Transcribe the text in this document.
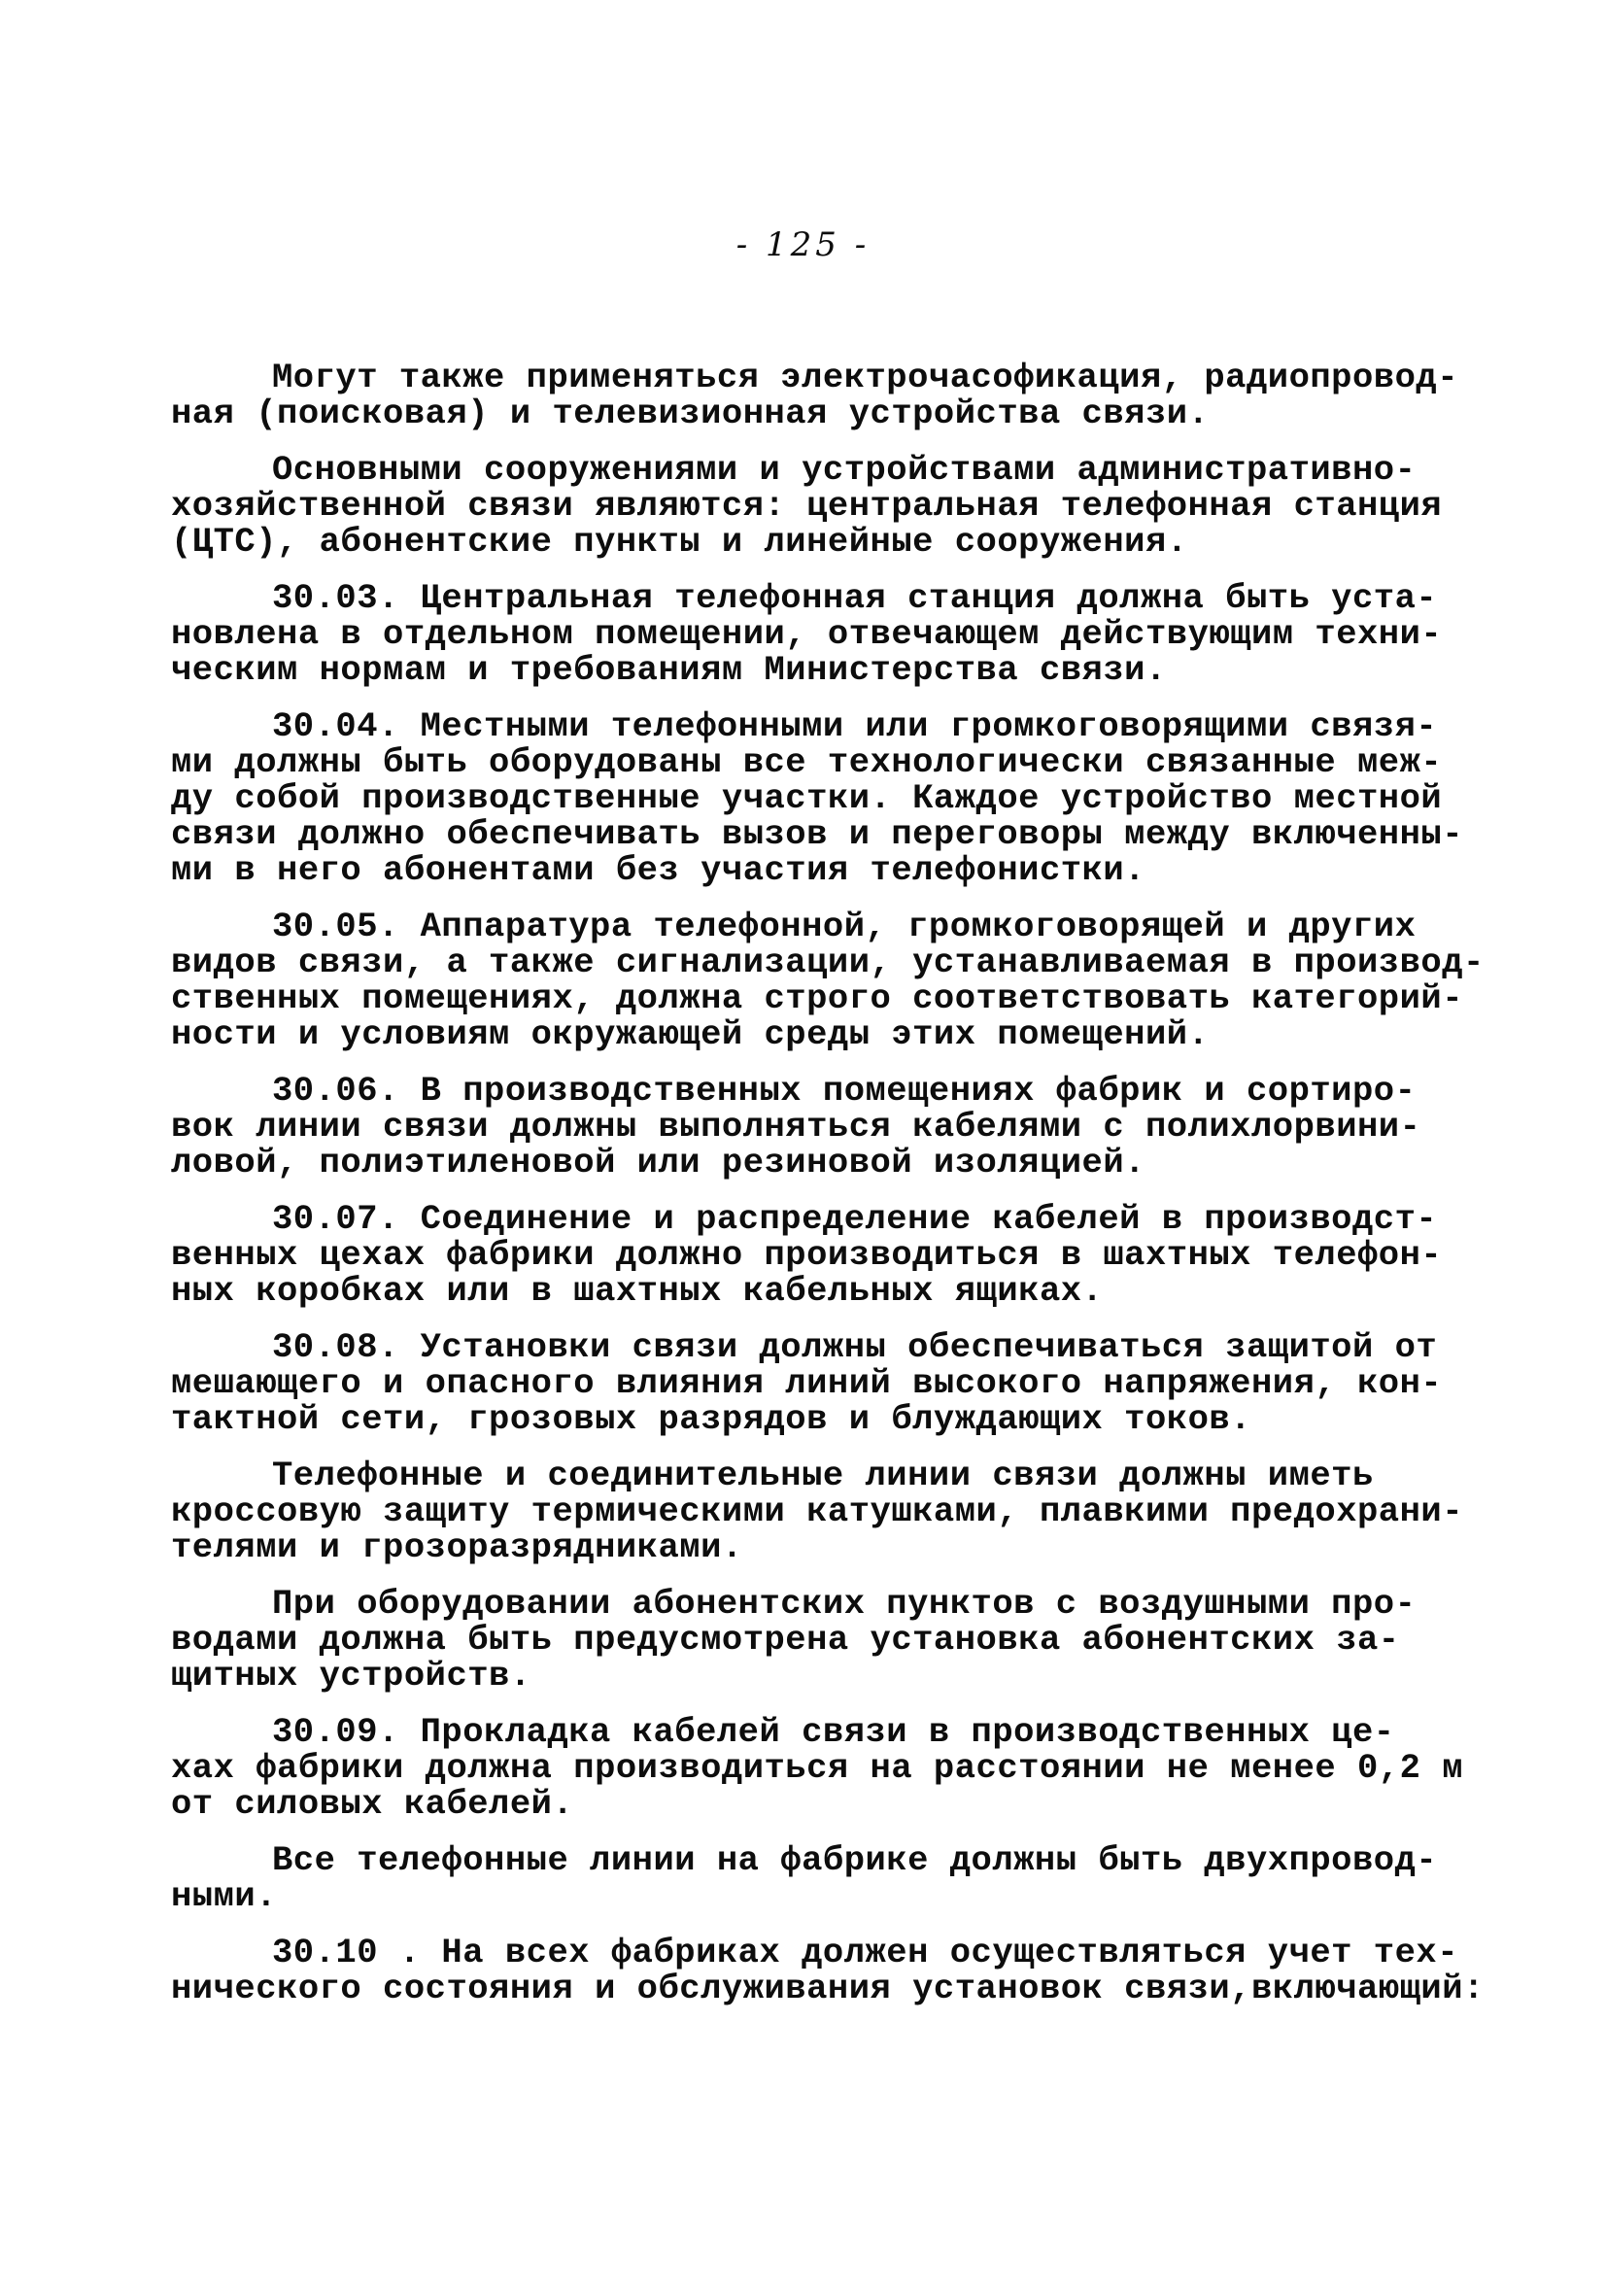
- 125 -
Могут также применяться электрочасофикация, радиопровод-
ная (поисковая) и телевизионная устройства связи.
Основными сооружениями и устройствами административно-
хозяйственной связи являются: центральная телефонная станция
(ЦТС), абонентские пункты и линейные сооружения.
30.03. Центральная телефонная станция должна быть уста-
новлена в отдельном помещении, отвечающем действующим техни-
ческим нормам и требованиям Министерства связи.
30.04. Местными телефонными или громкоговорящими связя-
ми должны быть оборудованы все технологически связанные меж-
ду собой производственные участки. Каждое устройство местной
связи должно обеспечивать вызов и переговоры между включенны-
ми в него абонентами без участия телефонистки.
30.05. Аппаратура телефонной, громкоговорящей и других
видов связи, а также сигнализации, устанавливаемая в производ-
ственных помещениях, должна строго соответствовать категорий-
ности и условиям окружающей среды этих помещений.
30.06. В производственных помещениях фабрик и сортиро-
вок линии связи должны выполняться кабелями с полихлорвини-
ловой, полиэтиленовой или резиновой изоляцией.
30.07. Соединение и распределение кабелей в производст-
венных цехах фабрики должно производиться в шахтных телефон-
ных коробках или в шахтных кабельных ящиках.
30.08. Установки связи должны обеспечиваться защитой от
мешающего и опасного влияния линий высокого напряжения, кон-
тактной сети, грозовых разрядов и блуждающих токов.
Телефонные и соединительные линии связи должны иметь
кроссовую защиту термическими катушками, плавкими предохрани-
телями и грозоразрядниками.
При оборудовании абонентских пунктов с воздушными про-
водами должна быть предусмотрена установка абонентских за-
щитных устройств.
30.09. Прокладка кабелей связи в производственных це-
хах фабрики должна производиться на расстоянии не менее 0,2 м
от силовых кабелей.
Все телефонные линии на фабрике должны быть двухпровод-
ными.
30.10 . На всех фабриках должен осуществляться учет тех-
нического состояния и обслуживания установок связи,включающий:
